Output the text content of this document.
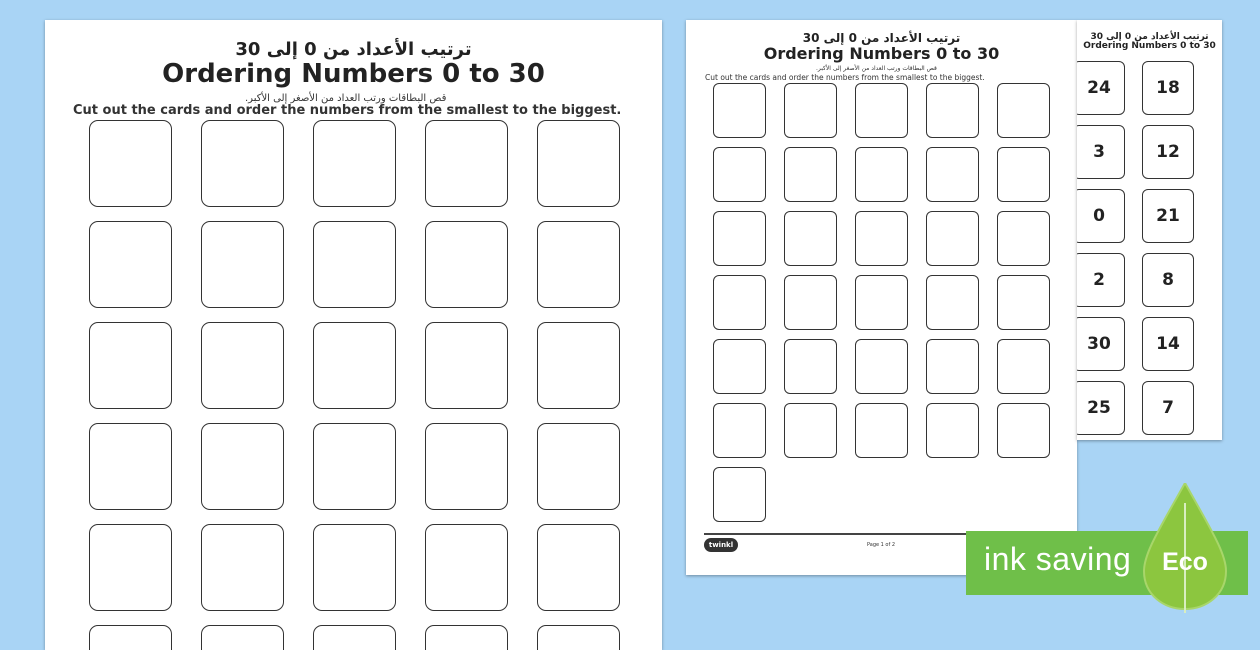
ترتيب الأعداد من 0 إلى 30
Ordering Numbers 0 to 30
قص البطاقات ورتب العداد من الأصغر إلى الأكبر.
Cut out the cards and order the numbers from the smallest to the biggest.
ترتيب الأعداد من 0 إلى 30
Ordering Numbers 0 to 30
قص البطاقات ورتب العداد من الأصغر إلى الأكبر.
Cut out the cards and order the numbers from the smallest to the biggest.
twinkl	Page 1 of 2
ترتيب الأعداد من 0 إلى 30
Ordering Numbers 0 to 30
24	18
3	12
0	21
2	8
30	14
25	7
ink saving Eco
